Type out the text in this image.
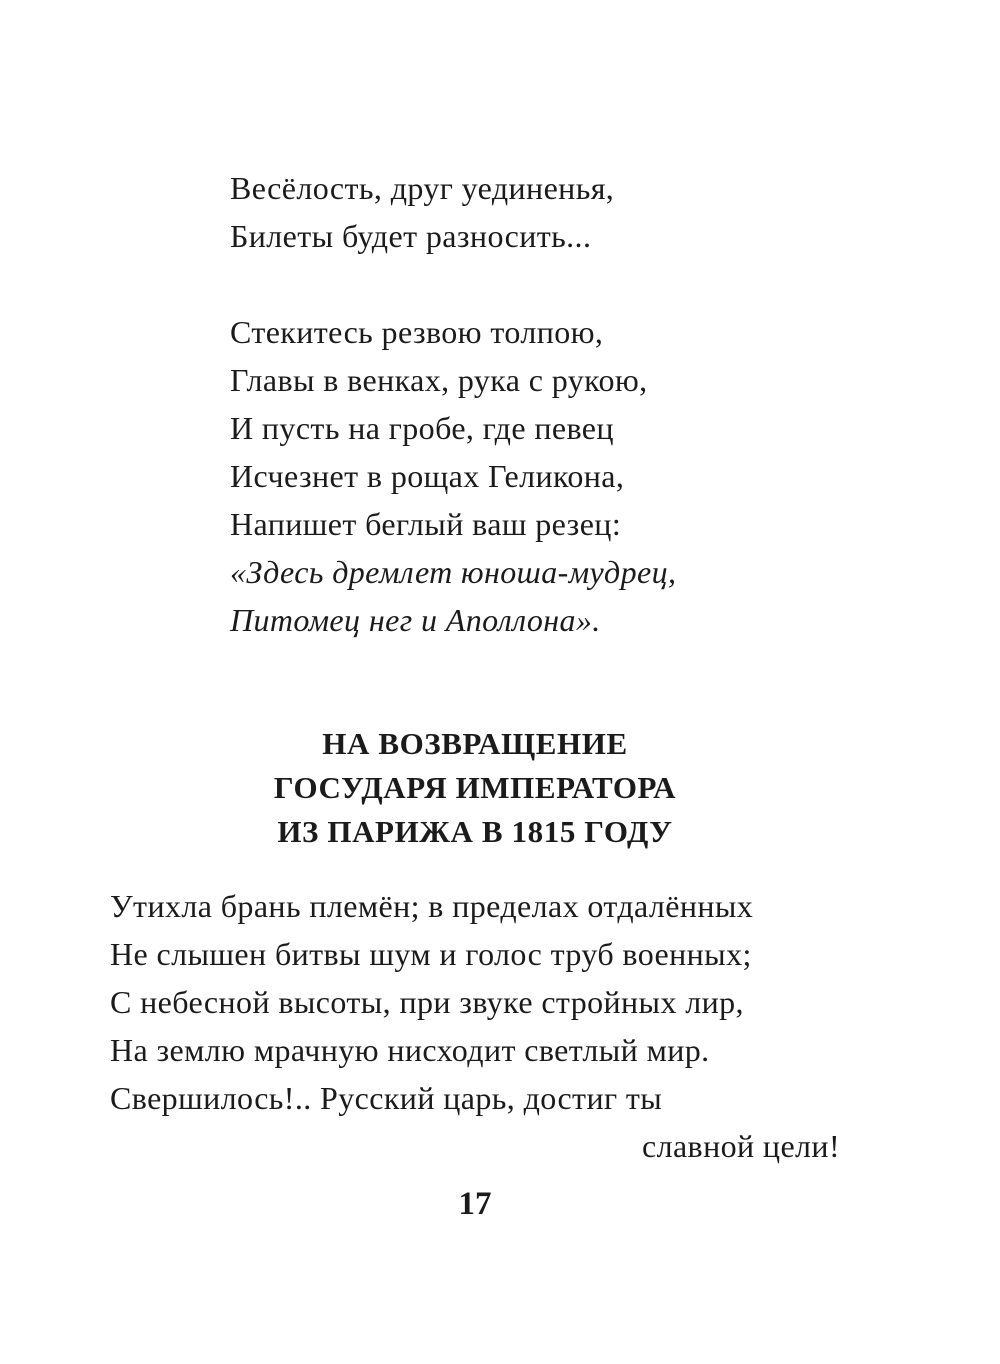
Весёлость, друг уединенья,
Билеты будет разносить...
Стекитесь резвою толпою,
Главы в венках, рука с рукою,
И пусть на гробе, где певец
Исчезнет в рощах Геликона,
Напишет беглый ваш резец:
«Здесь дремлет юноша-мудрец,
Питомец нег и Аполлона».
НА ВОЗВРАЩЕНИЕ
ГОСУДАРЯ ИМПЕРАТОРА
ИЗ ПАРИЖА В 1815 ГОДУ
Утихла брань племён; в пределах отдалённых
Не слышен битвы шум и голос труб военных;
С небесной высоты, при звуке стройных лир,
На землю мрачную нисходит светлый мир.
Свершилось!.. Русский царь, достиг ты
славной цели!
17
